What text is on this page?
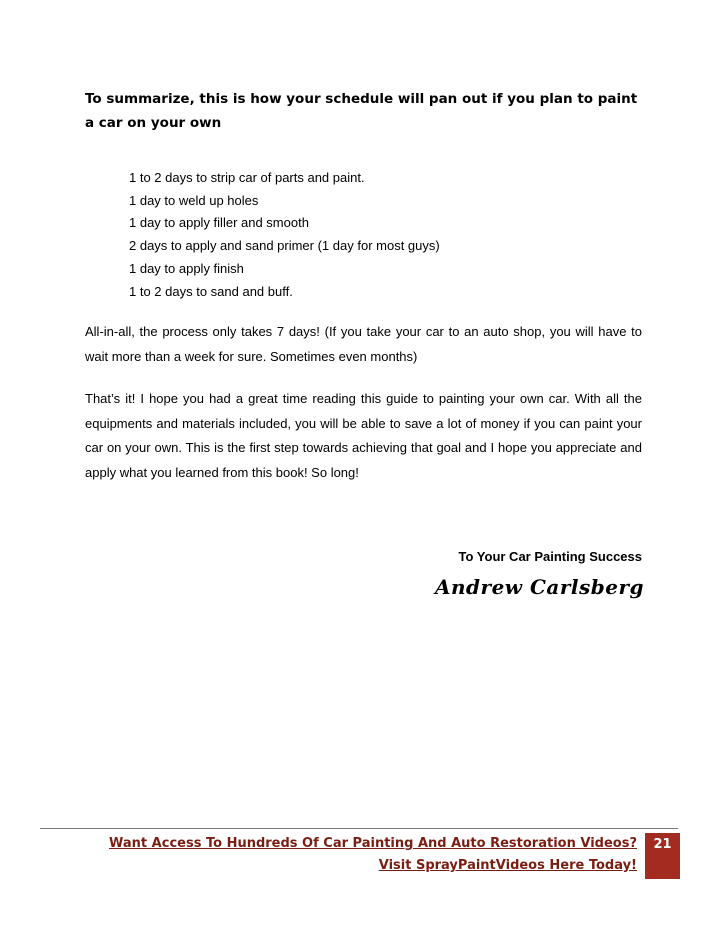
To summarize, this is how your schedule will pan out if you plan to paint a car on your own

1 to 2 days to strip car of parts and paint.
1 day to weld up holes
1 day to apply filler and smooth
2 days to apply and sand primer (1 day for most guys)
1 day to apply finish
1 to 2 days to sand and buff.

All-in-all, the process only takes 7 days! (If you take your car to an auto shop, you will have to wait more than a week for sure. Sometimes even months)

That’s it! I hope you had a great time reading this guide to painting your own car. With all the equipments and materials included, you will be able to save a lot of money if you can paint your car on your own. This is the first step towards achieving that goal and I hope you appreciate and apply what you learned from this book! So long!

To Your Car Painting Success

Andrew Carlsberg

Want Access To Hundreds Of Car Painting And Auto Restoration Videos? Visit SprayPaintVideos Here Today!

21
